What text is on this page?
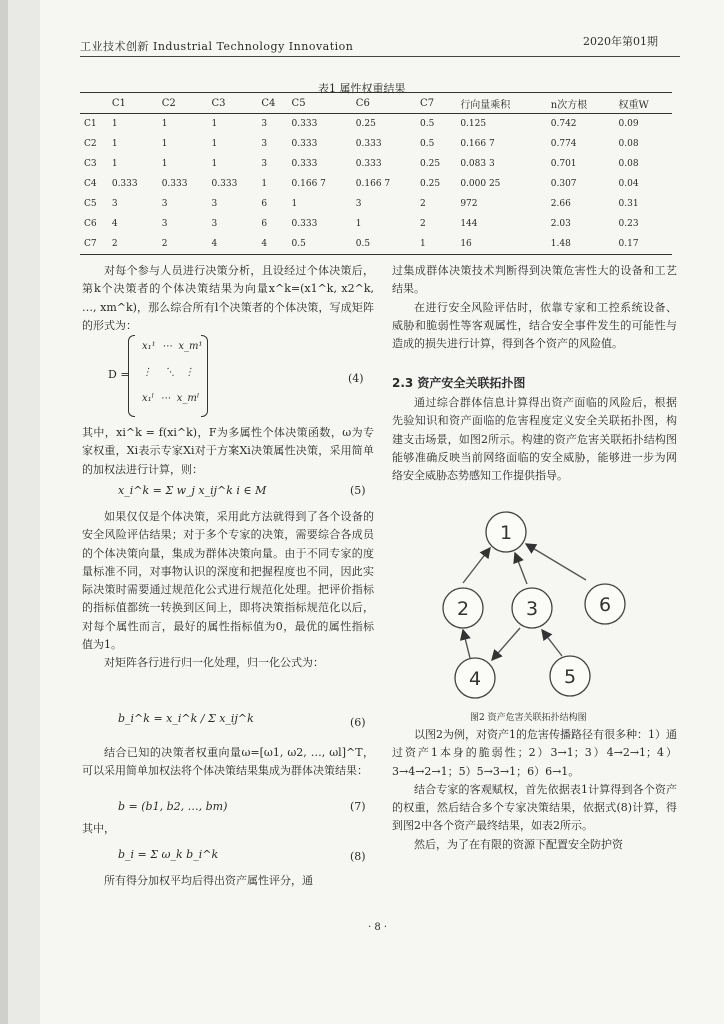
工业技术创新 Industrial Technology Innovation	2020年第01期
表1 属性权重结果
	C1	C2	C3	C4	C5	C6	C7	行向量乘积	n次方根	权重W
C1	1	1	1	3	0.333	0.25	0.5	0.125	0.742	0.09
C2	1	1	1	3	0.333	0.333	0.5	0.166 7	0.774	0.08
C3	1	1	1	3	0.333	0.333	0.25	0.083 3	0.701	0.08
C4	0.333	0.333	0.333	1	0.166 7	0.166 7	0.25	0.000 25	0.307	0.04
C5	3	3	3	6	1	3	2	972	2.66	0.31
C6	4	3	3	6	0.333	1	2	144	2.03	0.23
C7	2	2	4	4	0.5	0.5	1	16	1.48	0.17

对每个参与人员进行决策分析，且设经过个体决策后，第k个决策者的个体决策结果为向量x^k=(x1^k, x2^k, …, xm^k)，那么综合所有l个决策者的个体决策，写成矩阵的形式为：

D =
x₁¹  ⋯  x_m¹
⋮    ⋱   ⋮
x₁ˡ  ⋯  x_mˡ
(4)

其中，xi^k = f(xi^k)，F为多属性个体决策函数，ω为专家权重，Xi表示专家Xi对于方案Xi决策属性决策，采用简单的加权法进行计算，则：

x_i^k = Σ w_j x_ij^k i ∈ M	(5)

如果仅仅是个体决策，采用此方法就得到了各个设备的安全风险评估结果；对于多个专家的决策，需要综合各成员的个体决策向量，集成为群体决策向量。由于不同专家的度量标准不同，对事物认识的深度和把握程度也不同，因此实际决策时需要通过规范化公式进行规范化处理。把评价指标的指标值都统一转换到区间上，即将决策指标规范化以后，对每个属性而言，最好的属性指标值为0，最优的属性指标值为1。

对矩阵各行进行归一化处理，归一化公式为：

b_i^k = x_i^k / Σ x_ij^k	(6)

结合已知的决策者权重向量ω=[ω1, ω2, …, ωl]^T，可以采用简单加权法将个体决策结果集成为群体决策结果：

b = (b1, b2, …, bm)	(7)
其中，
b_i = Σ ω_k b_i^k	(8)

所有得分加权平均后得出资产属性评分，通

过集成群体决策技术判断得到决策危害性大的设备和工艺结果。

在进行安全风险评估时，依靠专家和工控系统设备、威胁和脆弱性等客观属性，结合安全事件发生的可能性与造成的损失进行计算，得到各个资产的风险值。

2.3 资产安全关联拓扑图

通过综合群体信息计算得出资产面临的风险后，根据先验知识和资产面临的危害程度定义安全关联拓扑图，构建支击场景，如图2所示。构建的资产危害关联拓扑结构图能够准确反映当前网络面临的安全威胁，能够进一步为网络安全威胁态势感知工作提供指导。

1
2	3
4	5
6
图2 资产危害关联拓扑结构图

以图2为例，对资产1的危害传播路径有很多种：1）通过资产1本身的脆弱性；2）3→1；3）4→2→1；4）3→4→2→1；5）5→3→1；6）6→1。

结合专家的客观赋权，首先依据表1计算得到各个资产的权重，然后结合多个专家决策结果，依据式(8)计算，得到图2中各个资产最终结果，如表2所示。

然后，为了在有限的资源下配置安全防护资

· 8 ·
